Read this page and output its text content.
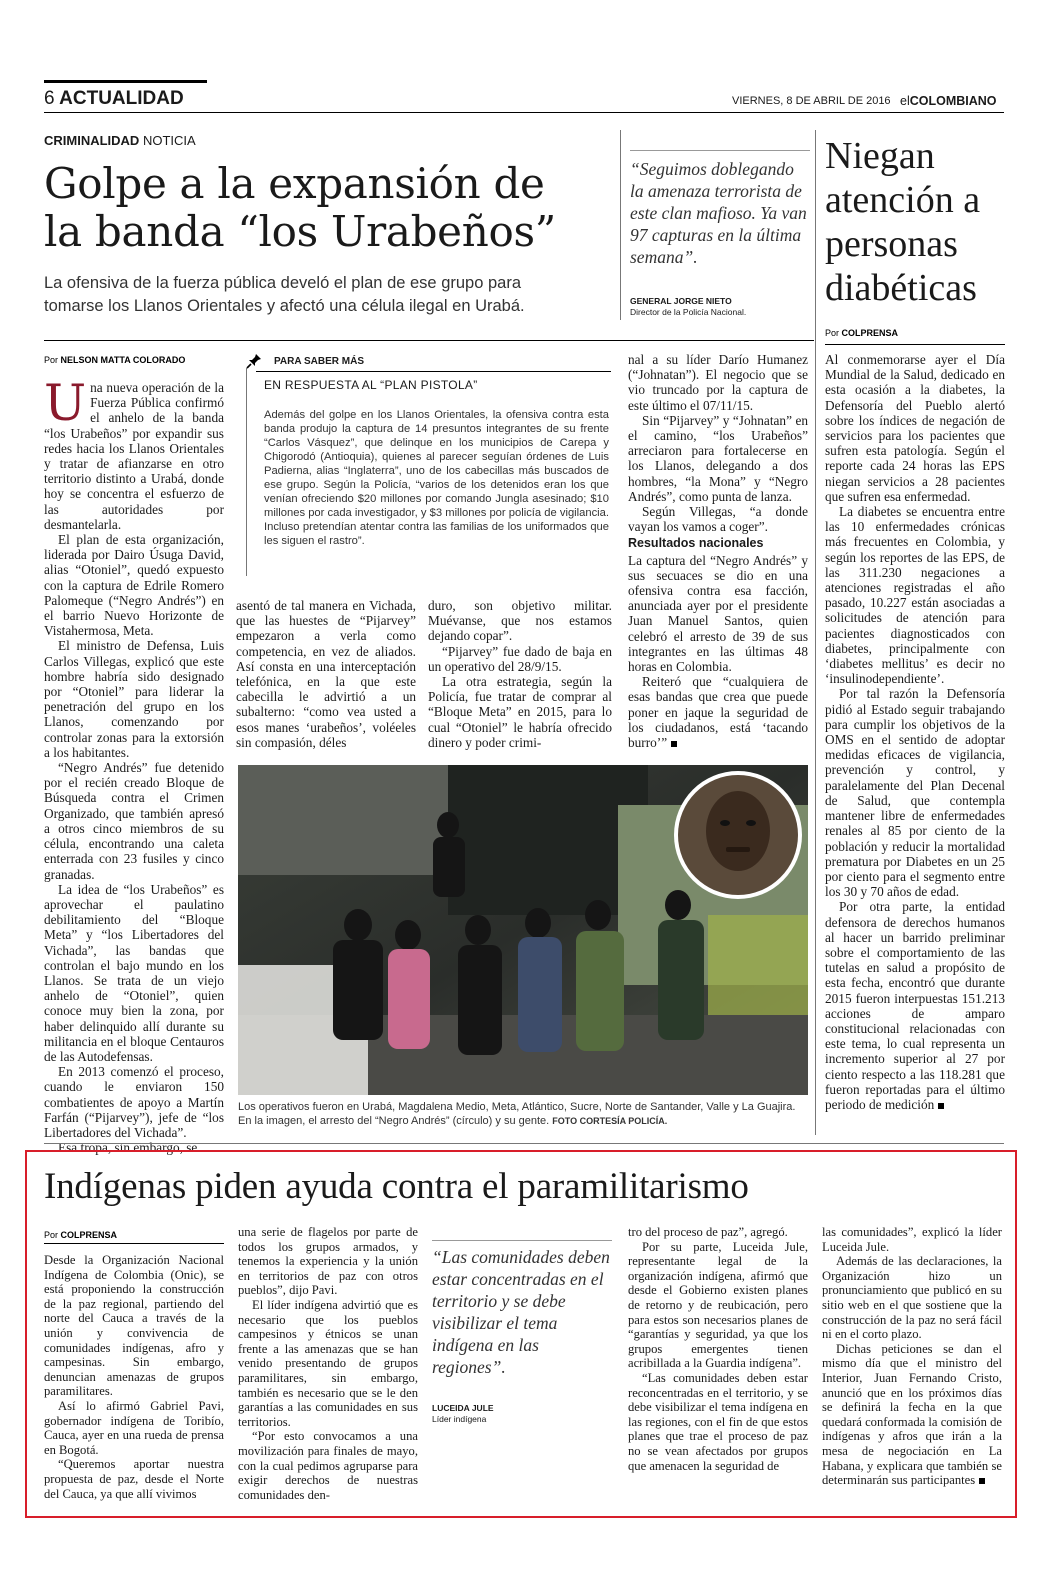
6 ACTUALIDAD	VIERNES, 8 DE ABRIL DE 2016 elCOLOMBIANO
CRIMINALIDAD NOTICIA
Golpe a la expansión de
la banda “los Urabeños”
La ofensiva de la fuerza pública develó el plan de ese grupo para
tomarse los Llanos Orientales y afectó una célula ilegal en Urabá.
“Seguimos doblegando la amenaza terrorista de este clan mafioso. Ya van 97 capturas en la última semana”.
GENERAL JORGE NIETO
Director de la Policía Nacional.
Por NELSON MATTA COLORADO

Una nueva operación de la Fuerza Pública confirmó el anhelo de la banda “los Urabeños” por expandir sus redes hacia los Llanos Orientales y tratar de afianzarse en otro territorio distinto a Urabá, donde hoy se concentra el esfuerzo de las autoridades por desmantelarla.

El plan de esta organización, liderada por Dairo Úsuga David, alias “Otoniel”, quedó expuesto con la captura de Edrile Romero Palomeque (“Negro Andrés”) en el barrio Nuevo Horizonte de Vistahermosa, Meta.

El ministro de Defensa, Luis Carlos Villegas, explicó que este hombre habría sido designado por “Otoniel” para liderar la penetración del grupo en los Llanos, comenzando por controlar zonas para la extorsión a los habitantes.

“Negro Andrés” fue detenido por el recién creado Bloque de Búsqueda contra el Crimen Organizado, que también apresó a otros cinco miembros de su célula, encontrando una caleta enterrada con 23 fusiles y cinco granadas.

La idea de “los Urabeños” es aprovechar el paulatino debilitamiento del “Bloque Meta” y “los Libertadores del Vichada”, las bandas que controlan el bajo mundo en los Llanos. Se trata de un viejo anhelo de “Otoniel”, quien conoce muy bien la zona, por haber delinquido allí durante su militancia en el bloque Centauros de las Autodefensas.

En 2013 comenzó el proceso, cuando le enviaron 150 combatientes de apoyo a Martín Farfán (“Pijarvey”), jefe de “los Libertadores del Vichada”.

Esa tropa, sin embargo, se

PARA SABER MÁS
EN RESPUESTA AL “PLAN PISTOLA”
Además del golpe en los Llanos Orientales, la ofensiva contra esta banda produjo la captura de 14 presuntos integrantes de su frente “Carlos Vásquez”, que delinque en los municipios de Carepa y Chigorodó (Antioquia), quienes al parecer seguían órdenes de Luis Padierna, alias “Inglaterra”, uno de los cabecillas más buscados de ese grupo. Según la Policía, “varios de los detenidos eran los que venían ofreciendo $20 millones por comando Jungla asesinado; $10 millones por cada investigador, y $3 millones por policía de vigilancia. Incluso pretendían atentar contra las familias de los uniformados que les siguen el rastro”.

asentó de tal manera en Vichada, que las huestes de “Pijarvey” empezaron a verla como competencia, en vez de aliados. Así consta en una interceptación telefónica, en la que este cabecilla le advirtió a un subalterno: “como vea usted a esos manes ‘urabeños’, voléeles sin compasión, déles

duro, son objetivo militar. Muévanse, que nos estamos dejando copar”.

“Pijarvey” fue dado de baja en un operativo del 28/9/15.

La otra estrategia, según la Policía, fue tratar de comprar al “Bloque Meta” en 2015, para lo cual “Otoniel” le habría ofrecido dinero y poder crimi-

nal a su líder Darío Humanez (“Johnatan”). El negocio que se vio truncado por la captura de este último el 07/11/15.

Sin “Pijarvey” y “Johnatan” en el camino, “los Urabeños” arreciaron para fortalecerse en los Llanos, delegando a dos hombres, “la Mona” y “Negro Andrés”, como punta de lanza.

Según Villegas, “a donde vayan los vamos a coger”.

Resultados nacionales

La captura del “Negro Andrés” y sus secuaces se dio en una ofensiva contra esa facción, anunciada ayer por el presidente Juan Manuel Santos, quien celebró el arresto de 39 de sus integrantes en las últimas 48 horas en Colombia.

Reiteró que “cualquiera de esas bandas que crea que puede poner en jaque la seguridad de los ciudadanos, está ‘tacando burro’”

Los operativos fueron en Urabá, Magdalena Medio, Meta, Atlántico, Sucre, Norte de Santander, Valle y La Guajira. En la imagen, el arresto del “Negro Andrés” (círculo) y su gente. FOTO CORTESÍA POLICÍA.
Niegan atención a personas diabéticas
Por COLPRENSA

Al conmemorarse ayer el Día Mundial de la Salud, dedicado en esta ocasión a la diabetes, la Defensoría del Pueblo alertó sobre los índices de negación de servicios para los pacientes que sufren esta patología. Según el reporte cada 24 horas las EPS niegan servicios a 28 pacientes que sufren esa enfermedad.

La diabetes se encuentra entre las 10 enfermedades crónicas más frecuentes en Colombia, y según los reportes de las EPS, de las 311.230 negaciones a atenciones registradas el año pasado, 10.227 están asociadas a solicitudes de atención para pacientes diagnosticados con diabetes, principalmente con ‘diabetes mellitus’ es decir no ‘insulinodependiente’.

Por tal razón la Defensoría pidió al Estado seguir trabajando para cumplir los objetivos de la OMS en el sentido de adoptar medidas eficaces de vigilancia, prevención y control, y paralelamente del Plan Decenal de Salud, que contempla mantener libre de enfermedades renales al 85 por ciento de la población y reducir la mortalidad prematura por Diabetes en un 25 por ciento para el segmento entre los 30 y 70 años de edad.

Por otra parte, la entidad defensora de derechos humanos al hacer un barrido preliminar sobre el comportamiento de las tutelas en salud a propósito de esta fecha, encontró que durante 2015 fueron interpuestas 151.213 acciones de amparo constitucional relacionadas con este tema, lo cual representa un incremento superior al 27 por ciento respecto a las 118.281 que fueron reportadas para el último periodo de medición

Indígenas piden ayuda contra el paramilitarismo
Por COLPRENSA

Desde la Organización Nacional Indígena de Colombia (Onic), se está proponiendo la construcción de la paz regional, partiendo del norte del Cauca a través de la unión y convivencia de comunidades indígenas, afro y campesinas. Sin embargo, denuncian amenazas de grupos paramilitares.

Así lo afirmó Gabriel Pavi, gobernador indígena de Toribío, Cauca, ayer en una rueda de prensa en Bogotá.

“Queremos aportar nuestra propuesta de paz, desde el Norte del Cauca, ya que allí vivimos

una serie de flagelos por parte de todos los grupos armados, y tenemos la experiencia y la unión en territorios de paz con otros pueblos”, dijo Pavi.

El líder indígena advirtió que es necesario que los pueblos campesinos y étnicos se unan frente a las amenazas que se han venido presentando de grupos paramilitares, sin embargo, también es necesario que se le den garantías a las comunidades en sus territorios.

“Por esto convocamos a una movilización para finales de mayo, con la cual pedimos agruparse para exigir derechos de nuestras comunidades den-

“Las comunidades deben estar concentradas en el territorio y se debe visibilizar el tema indígena en las regiones”.
LUCEIDA JULE
Líder indígena

tro del proceso de paz”, agregó.

Por su parte, Luceida Jule, representante legal de la organización indígena, afirmó que desde el Gobierno existen planes de retorno y de reubicación, pero para estos son necesarios planes de “garantías y seguridad, ya que los grupos emergentes tienen acribillada a la Guardia indígena”.

“Las comunidades deben estar reconcentradas en el territorio, y se debe visibilizar el tema indígena en las regiones, con el fin de que estos planes que trae el proceso de paz no se vean afectados por grupos que amenacen la seguridad de

las comunidades”, explicó la líder Luceida Jule.

Además de las declaraciones, la Organización hizo un pronunciamiento que publicó en su sitio web en el que sostiene que la construcción de la paz no será fácil ni en el corto plazo.

Dichas peticiones se dan el mismo día que el ministro del Interior, Juan Fernando Cristo, anunció que en los próximos días se definirá la fecha en la que quedará conformada la comisión de indígenas y afros que irán a la mesa de negociación en La Habana, y explicara que también se determinarán sus participantes
